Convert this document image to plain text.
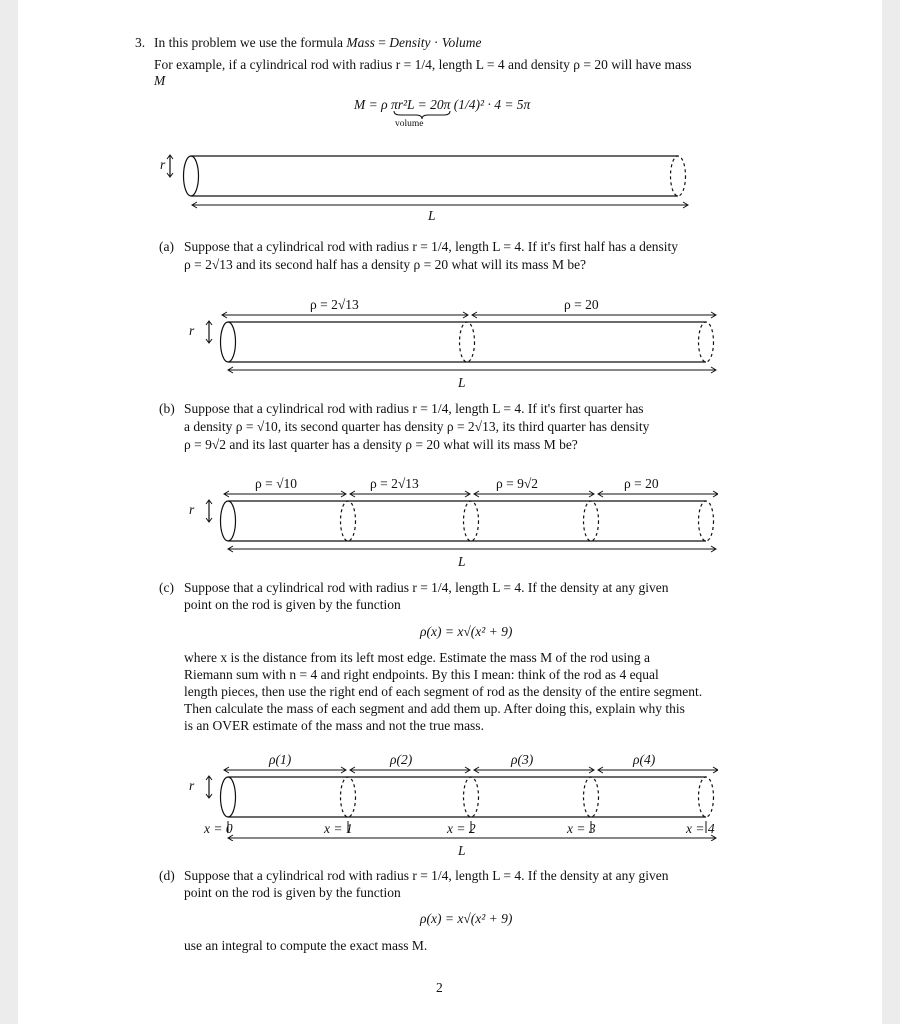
3. In this problem we use the formula Mass = Density · Volume
For example, if a cylindrical rod with radius r = 1/4, length L = 4 and density ρ = 20 will have mass
M
M = ρ πr²L = 20π (1/4)² · 4 = 5π
volume
r
L
(a) Suppose that a cylindrical rod with radius r = 1/4, length L = 4. If it's first half has a density
ρ = 2√13 and its second half has a density ρ = 20 what will its mass M be?
ρ = 2√13	ρ = 20
r
L
(b) Suppose that a cylindrical rod with radius r = 1/4, length L = 4. If it's first quarter has
a density ρ = √10, its second quarter has density ρ = 2√13, its third quarter has density
ρ = 9√2 and its last quarter has a density ρ = 20 what will its mass M be?
ρ = √10	ρ = 2√13	ρ = 9√2	ρ = 20
r
L
(c) Suppose that a cylindrical rod with radius r = 1/4, length L = 4. If the density at any given
point on the rod is given by the function
ρ(x) = x√(x² + 9)
where x is the distance from its left most edge. Estimate the mass M of the rod using a
Riemann sum with n = 4 and right endpoints. By this I mean: think of the rod as 4 equal
length pieces, then use the right end of each segment of rod as the density of the entire segment.
Then calculate the mass of each segment and add them up. After doing this, explain why this
is an OVER estimate of the mass and not the true mass.
ρ(1)	ρ(2)	ρ(3)	ρ(4)
r
x = 0	x = 1	x = 2	x = 3	x = 4
L
(d) Suppose that a cylindrical rod with radius r = 1/4, length L = 4. If the density at any given
point on the rod is given by the function
ρ(x) = x√(x² + 9)
use an integral to compute the exact mass M.
2
